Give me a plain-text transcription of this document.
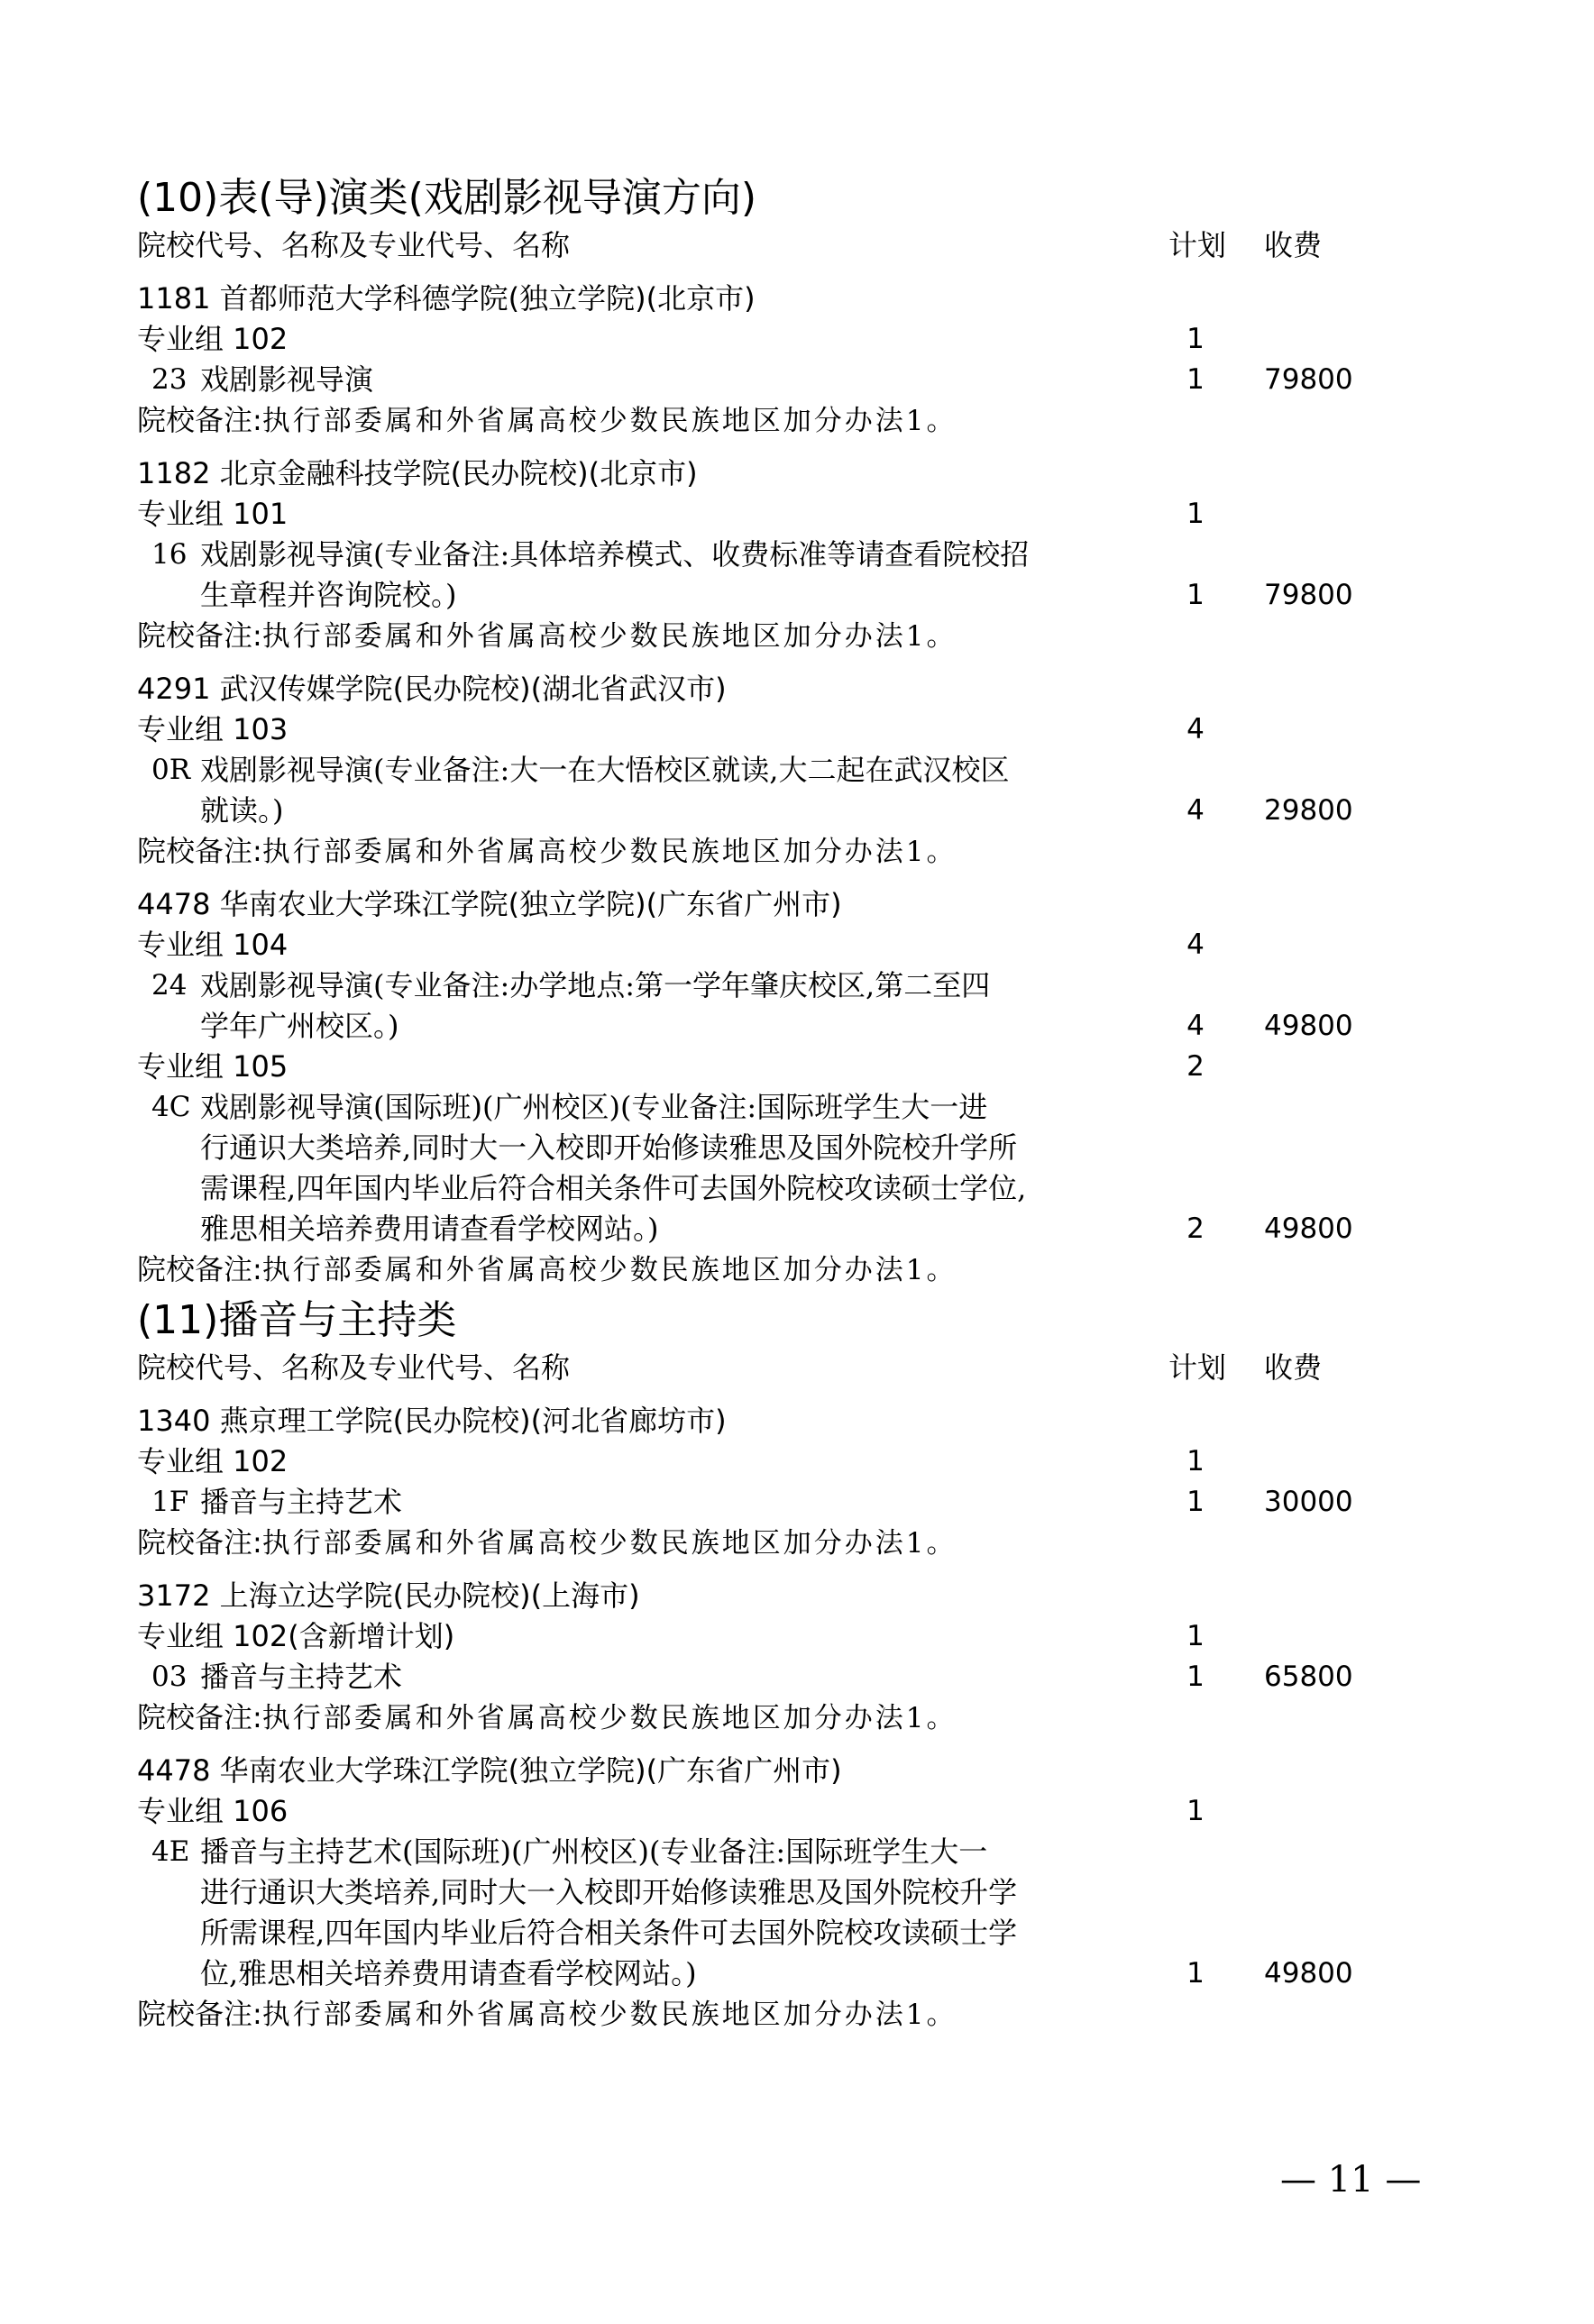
(10)表(导)演类(戏剧影视导演方向)
院校代号、名称及专业代号、名称	计划 收费
1181 首都师范大学科德学院(独立学院)(北京市)
专业组 102	1
23 戏剧影视导演	1	79800
院校备注:执行部委属和外省属高校少数民族地区加分办法1。
1182 北京金融科技学院(民办院校)(北京市)
专业组 101	1
16 戏剧影视导演(专业备注:具体培养模式、收费标准等请查看院校招
生章程并咨询院校。)	1	79800
院校备注:执行部委属和外省属高校少数民族地区加分办法1。
4291 武汉传媒学院(民办院校)(湖北省武汉市)
专业组 103	4
0R 戏剧影视导演(专业备注:大一在大悟校区就读,大二起在武汉校区
就读。)	4	29800
院校备注:执行部委属和外省属高校少数民族地区加分办法1。
4478 华南农业大学珠江学院(独立学院)(广东省广州市)
专业组 104	4
24 戏剧影视导演(专业备注:办学地点:第一学年肇庆校区,第二至四
学年广州校区。)	4	49800
专业组 105	2
4C 戏剧影视导演(国际班)(广州校区)(专业备注:国际班学生大一进
行通识大类培养,同时大一入校即开始修读雅思及国外院校升学所
需课程,四年国内毕业后符合相关条件可去国外院校攻读硕士学位,
雅思相关培养费用请查看学校网站。)	2	49800
院校备注:执行部委属和外省属高校少数民族地区加分办法1。
(11)播音与主持类
院校代号、名称及专业代号、名称	计划 收费
1340 燕京理工学院(民办院校)(河北省廊坊市)
专业组 102	1
1F 播音与主持艺术	1	30000
院校备注:执行部委属和外省属高校少数民族地区加分办法1。
3172 上海立达学院(民办院校)(上海市)
专业组 102(含新增计划)	1
03 播音与主持艺术	1	65800
院校备注:执行部委属和外省属高校少数民族地区加分办法1。
4478 华南农业大学珠江学院(独立学院)(广东省广州市)
专业组 106	1
4E 播音与主持艺术(国际班)(广州校区)(专业备注:国际班学生大一
进行通识大类培养,同时大一入校即开始修读雅思及国外院校升学
所需课程,四年国内毕业后符合相关条件可去国外院校攻读硕士学
位,雅思相关培养费用请查看学校网站。)	1	49800
院校备注:执行部委属和外省属高校少数民族地区加分办法1。
— 11 —
